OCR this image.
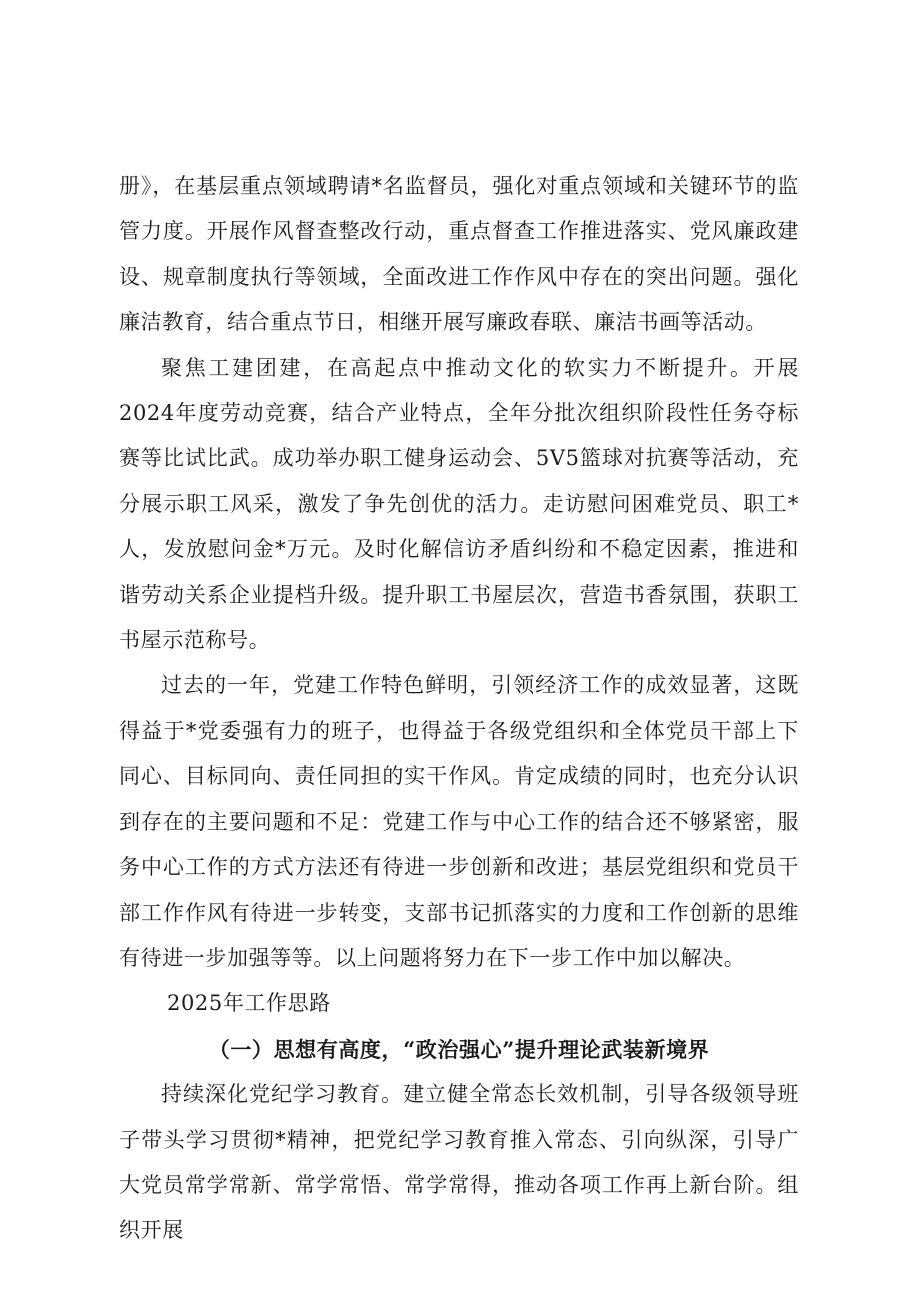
册》，在基层重点领域聘请*名监督员，强化对重点领域和关键环节的监管力度。开展作风督查整改行动，重点督查工作推进落实、党风廉政建设、规章制度执行等领域，全面改进工作作风中存在的突出问题。强化廉洁教育，结合重点节日，相继开展写廉政春联、廉洁书画等活动。

聚焦工建团建，在高起点中推动文化的软实力不断提升。开展2024年度劳动竞赛，结合产业特点，全年分批次组织阶段性任务夺标赛等比试比武。成功举办职工健身运动会、5V5篮球对抗赛等活动，充分展示职工风采，激发了争先创优的活力。走访慰问困难党员、职工*人，发放慰问金*万元。及时化解信访矛盾纠纷和不稳定因素，推进和谐劳动关系企业提档升级。提升职工书屋层次，营造书香氛围，获职工书屋示范称号。

过去的一年，党建工作特色鲜明，引领经济工作的成效显著，这既得益于*党委强有力的班子，也得益于各级党组织和全体党员干部上下同心、目标同向、责任同担的实干作风。肯定成绩的同时，也充分认识到存在的主要问题和不足：党建工作与中心工作的结合还不够紧密，服务中心工作的方式方法还有待进一步创新和改进；基层党组织和党员干部工作作风有待进一步转变，支部书记抓落实的力度和工作创新的思维有待进一步加强等等。以上问题将努力在下一步工作中加以解决。

2025年工作思路

（一）思想有高度，“政治强心”提升理论武装新境界

持续深化党纪学习教育。建立健全常态长效机制，引导各级领导班子带头学习贯彻*精神，把党纪学习教育推入常态、引向纵深，引导广大党员常学常新、常学常悟、常学常得，推动各项工作再上新台阶。组织开展
